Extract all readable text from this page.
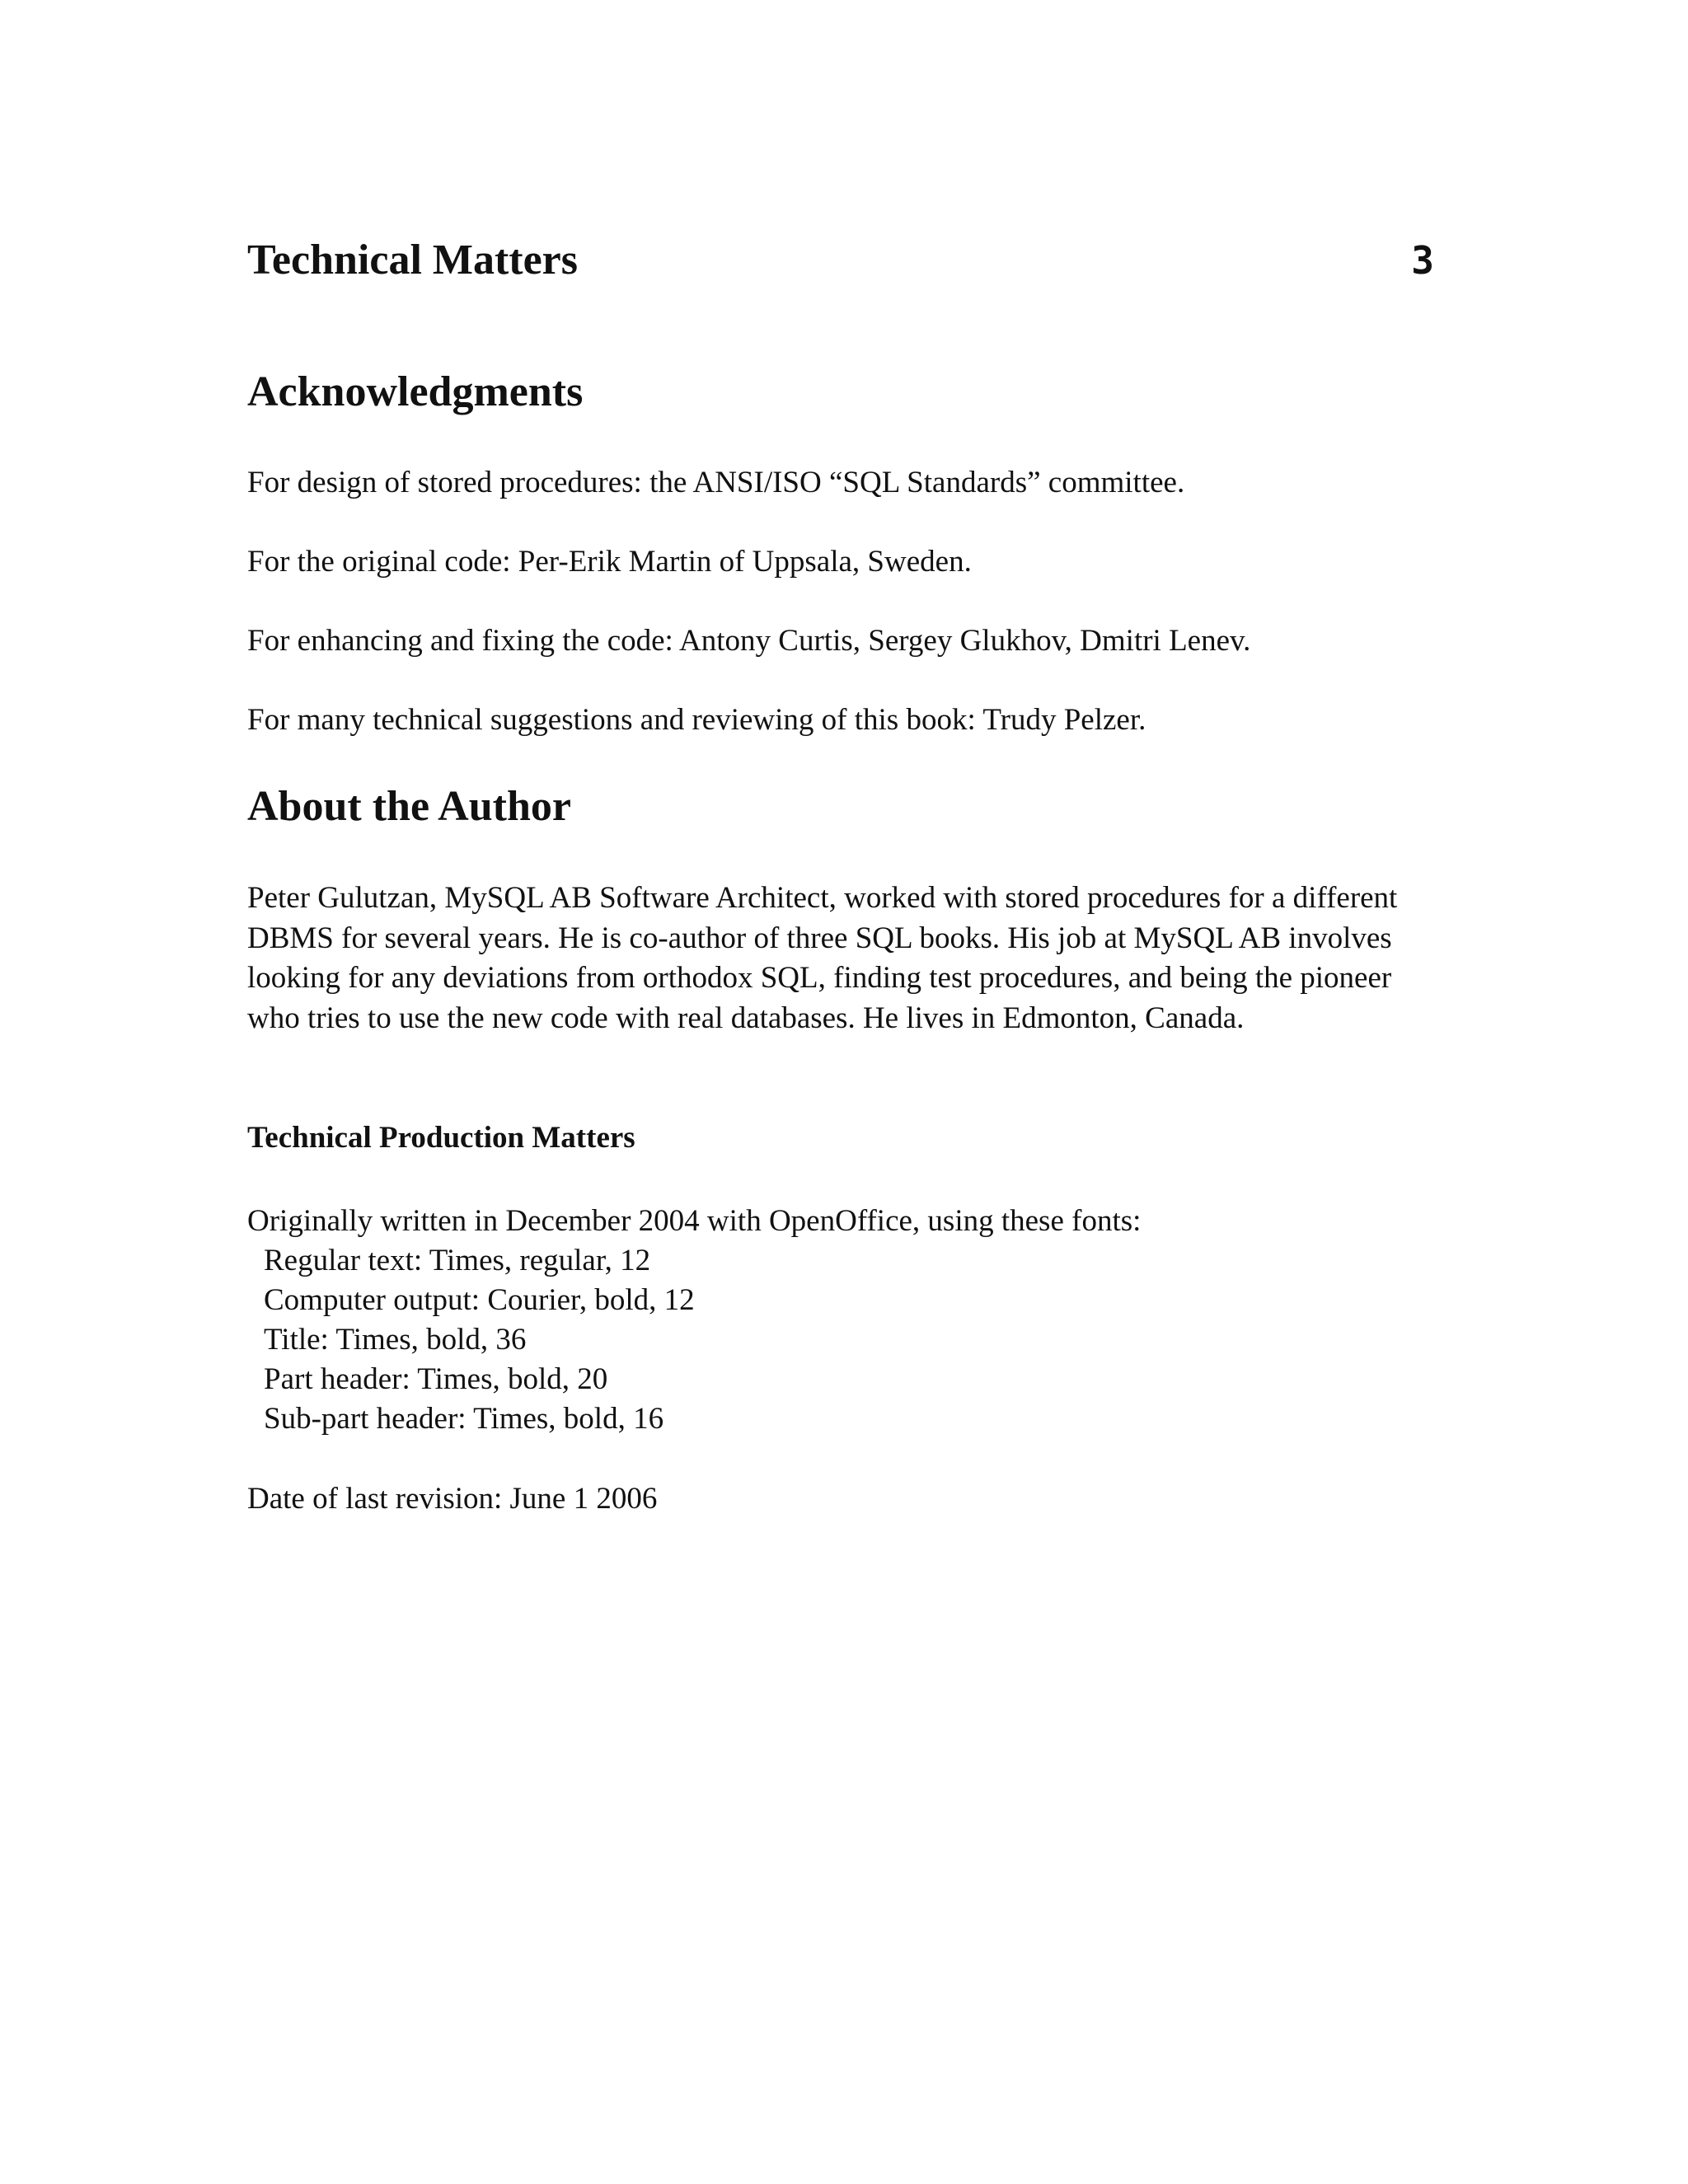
Technical Matters	3
Acknowledgments

For design of stored procedures: the ANSI/ISO “SQL Standards” committee.

For the original code: Per-Erik Martin of Uppsala, Sweden.

For enhancing and fixing the code: Antony Curtis, Sergey Glukhov, Dmitri Lenev.

For many technical suggestions and reviewing of this book: Trudy Pelzer.

About the Author

Peter Gulutzan, MySQL AB Software Architect, worked with stored procedures for a different DBMS for several years. He is co-author of three SQL books. His job at MySQL AB involves looking for any deviations from orthodox SQL, finding test procedures, and being the pioneer who tries to use the new code with real databases. He lives in Edmonton, Canada.

Technical Production Matters
Originally written in December 2004 with OpenOffice, using these fonts:
Regular text: Times, regular, 12
Computer output: Courier, bold, 12
Title: Times, bold, 36
Part header: Times, bold, 20
Sub-part header: Times, bold, 16

Date of last revision: June 1 2006
